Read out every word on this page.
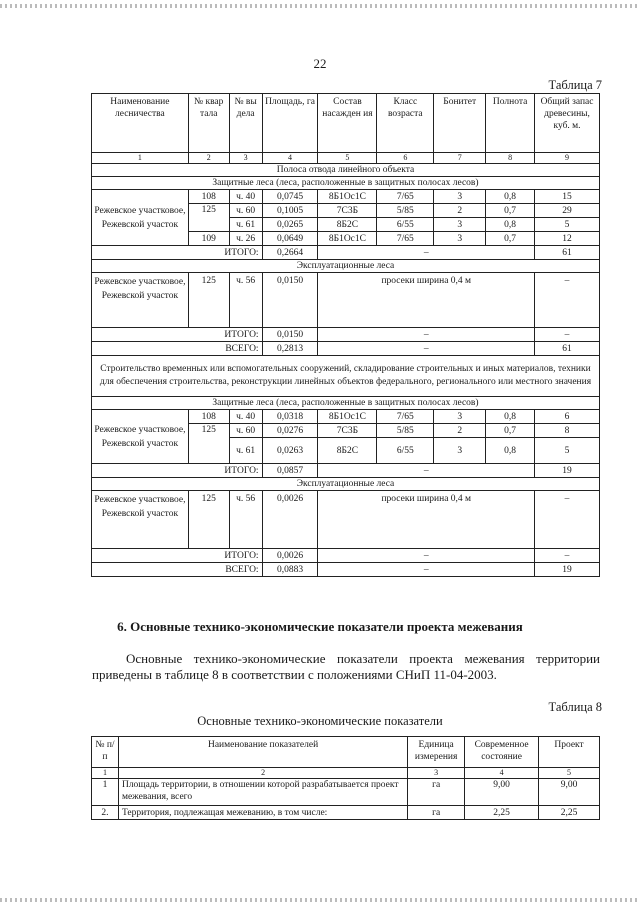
22
Таблица 7
Наименование лесничества	№ квар тала	№ вы дела	Площадь, га	Состав насажден ия	Класс возраста	Бонитет	Полнота	Общий запас древесины, куб. м.
1	2	3	4	5	6	7	8	9
Полоса отвода линейного объекта								
Защитные леса (леса, расположенные в защитных полосах лесов)								
Режевское участковое, Режевской участок	108	ч. 40	0,0745	8Б1Ос1С	7/65	3	0,8	15
	125	ч. 60	0,1005	7С3Б	5/85	2	0,7	29
		ч. 61	0,0265	8Б2С	6/55	3	0,8	5
	109	ч. 26	0,0649	8Б1Ос1С	7/65	3	0,7	12
ИТОГО:			0,2664	–				61
Эксплуатационные леса								
Режевское участковое, Режевской участок	125	ч. 56	0,0150	просеки ширина 0,4 м				–
ИТОГО:			0,0150	–				–
ВСЕГО:			0,2813	–				61
Строительство временных или вспомогательных сооружений, складирование строительных и иных материалов, техники для обеспечения строительства, реконструкции линейных объектов федерального, регионального или местного значения								
Защитные леса (леса, расположенные в защитных полосах лесов)								
Режевское участковое, Режевской участок	108	ч. 40	0,0318	8Б1Ос1С	7/65	3	0,8	6
	125	ч. 60	0,0276	7С3Б	5/85	2	0,7	8
		ч. 61	0,0263	8Б2С	6/55	3	0,8	5
ИТОГО:			0,0857	–				19
Эксплуатационные леса								
Режевское участковое, Режевской участок	125	ч. 56	0,0026	просеки ширина 0,4 м				–
ИТОГО:			0,0026	–				–
ВСЕГО:			0,0883	–				19
6. Основные технико-экономические показатели проекта межевания
Основные технико-экономические показатели проекта межевания территории приведены в таблице 8 в соответствии с положениями СНиП 11-04-2003.
Таблица 8
Основные технико-экономические показатели
№ п/п	Наименование показателей	Единица измерения	Современное состояние	Проект
1	2	3	4	5
1	Площадь территории, в отношении которой разрабатывается проект межевания, всего	га	9,00	9,00
2.	Территория, подлежащая межеванию, в том числе:	га	2,25	2,25
